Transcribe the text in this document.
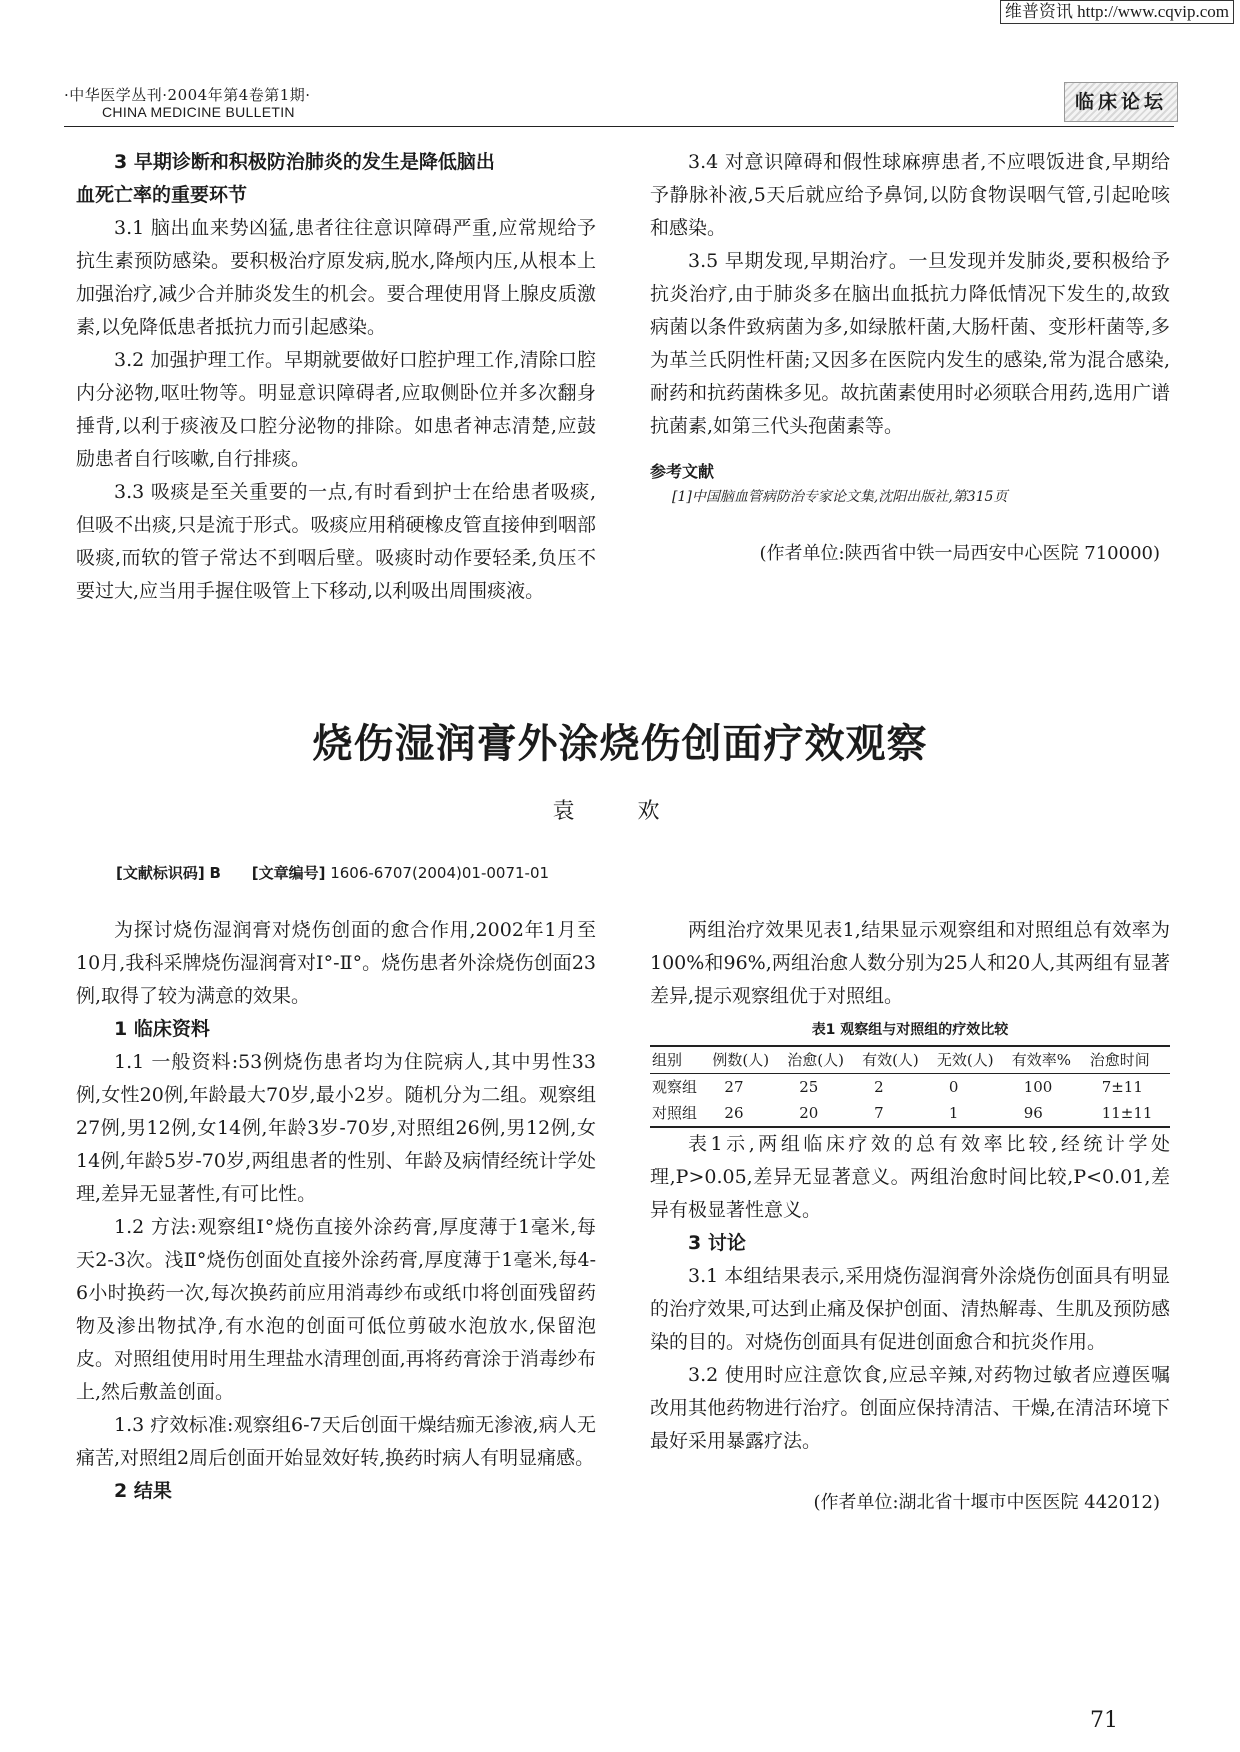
维普资讯 http://www.cqvip.com
·中华医学丛刊·2004年第4卷第1期·
CHINA MEDICINE BULLETIN	临床论坛

3 早期诊断和积极防治肺炎的发生是降低脑出

血死亡率的重要环节

3.1 脑出血来势凶猛,患者往往意识障碍严重,应常规给予抗生素预防感染。要积极治疗原发病,脱水,降颅内压,从根本上加强治疗,减少合并肺炎发生的机会。要合理使用肾上腺皮质激素,以免降低患者抵抗力而引起感染。

3.2 加强护理工作。早期就要做好口腔护理工作,清除口腔内分泌物,呕吐物等。明显意识障碍者,应取侧卧位并多次翻身捶背,以利于痰液及口腔分泌物的排除。如患者神志清楚,应鼓励患者自行咳嗽,自行排痰。

3.3 吸痰是至关重要的一点,有时看到护士在给患者吸痰,但吸不出痰,只是流于形式。吸痰应用稍硬橡皮管直接伸到咽部吸痰,而软的管子常达不到咽后壁。吸痰时动作要轻柔,负压不要过大,应当用手握住吸管上下移动,以利吸出周围痰液。

3.4 对意识障碍和假性球麻痹患者,不应喂饭进食,早期给予静脉补液,5天后就应给予鼻饲,以防食物误咽气管,引起呛咳和感染。

3.5 早期发现,早期治疗。一旦发现并发肺炎,要积极给予抗炎治疗,由于肺炎多在脑出血抵抗力降低情况下发生的,故致病菌以条件致病菌为多,如绿脓杆菌,大肠杆菌、变形杆菌等,多为革兰氏阴性杆菌;又因多在医院内发生的感染,常为混合感染,耐药和抗药菌株多见。故抗菌素使用时必须联合用药,选用广谱抗菌素,如第三代头孢菌素等。

参考文献

[1]中国脑血管病防治专家论文集,沈阳出版社,第315页

(作者单位:陕西省中铁一局西安中心医院 710000)

烧伤湿润膏外涂烧伤创面疗效观察
袁 欢
[文献标识码] B [文章编号] 1606-6707(2004)01-0071-01

为探讨烧伤湿润膏对烧伤创面的愈合作用,2002年1月至10月,我科采牌烧伤湿润膏对Ⅰ°-Ⅱ°。烧伤患者外涂烧伤创面23例,取得了较为满意的效果。

1 临床资料

1.1 一般资料:53例烧伤患者均为住院病人,其中男性33例,女性20例,年龄最大70岁,最小2岁。随机分为二组。观察组27例,男12例,女14例,年龄3岁-70岁,对照组26例,男12例,女14例,年龄5岁-70岁,两组患者的性别、年龄及病情经统计学处理,差异无显著性,有可比性。

1.2 方法:观察组Ⅰ°烧伤直接外涂药膏,厚度薄于1毫米,每天2-3次。浅Ⅱ°烧伤创面处直接外涂药膏,厚度薄于1毫米,每4-6小时换药一次,每次换药前应用消毒纱布或纸巾将创面残留药物及渗出物拭净,有水泡的创面可低位剪破水泡放水,保留泡皮。对照组使用时用生理盐水清理创面,再将药膏涂于消毒纱布上,然后敷盖创面。

1.3 疗效标准:观察组6-7天后创面干燥结痂无渗液,病人无痛苦,对照组2周后创面开始显效好转,换药时病人有明显痛感。

2 结果

两组治疗效果见表1,结果显示观察组和对照组总有效率为100%和96%,两组治愈人数分别为25人和20人,其两组有显著差异,提示观察组优于对照组。

表1 观察组与对照组的疗效比较
组别	例数(人)	治愈(人)	有效(人)	无效(人)	有效率%	治愈时间
观察组	27	25	2	0	100	7±11
对照组	26	20	7	1	96	11±11

表1示,两组临床疗效的总有效率比较,经统计学处理,P>0.05,差异无显著意义。两组治愈时间比较,P<0.01,差异有极显著性意义。

3 讨论

3.1 本组结果表示,采用烧伤湿润膏外涂烧伤创面具有明显的治疗效果,可达到止痛及保护创面、清热解毒、生肌及预防感染的目的。对烧伤创面具有促进创面愈合和抗炎作用。

3.2 使用时应注意饮食,应忌辛辣,对药物过敏者应遵医嘱改用其他药物进行治疗。创面应保持清洁、干燥,在清洁环境下最好采用暴露疗法。

(作者单位:湖北省十堰市中医医院 442012)

71
